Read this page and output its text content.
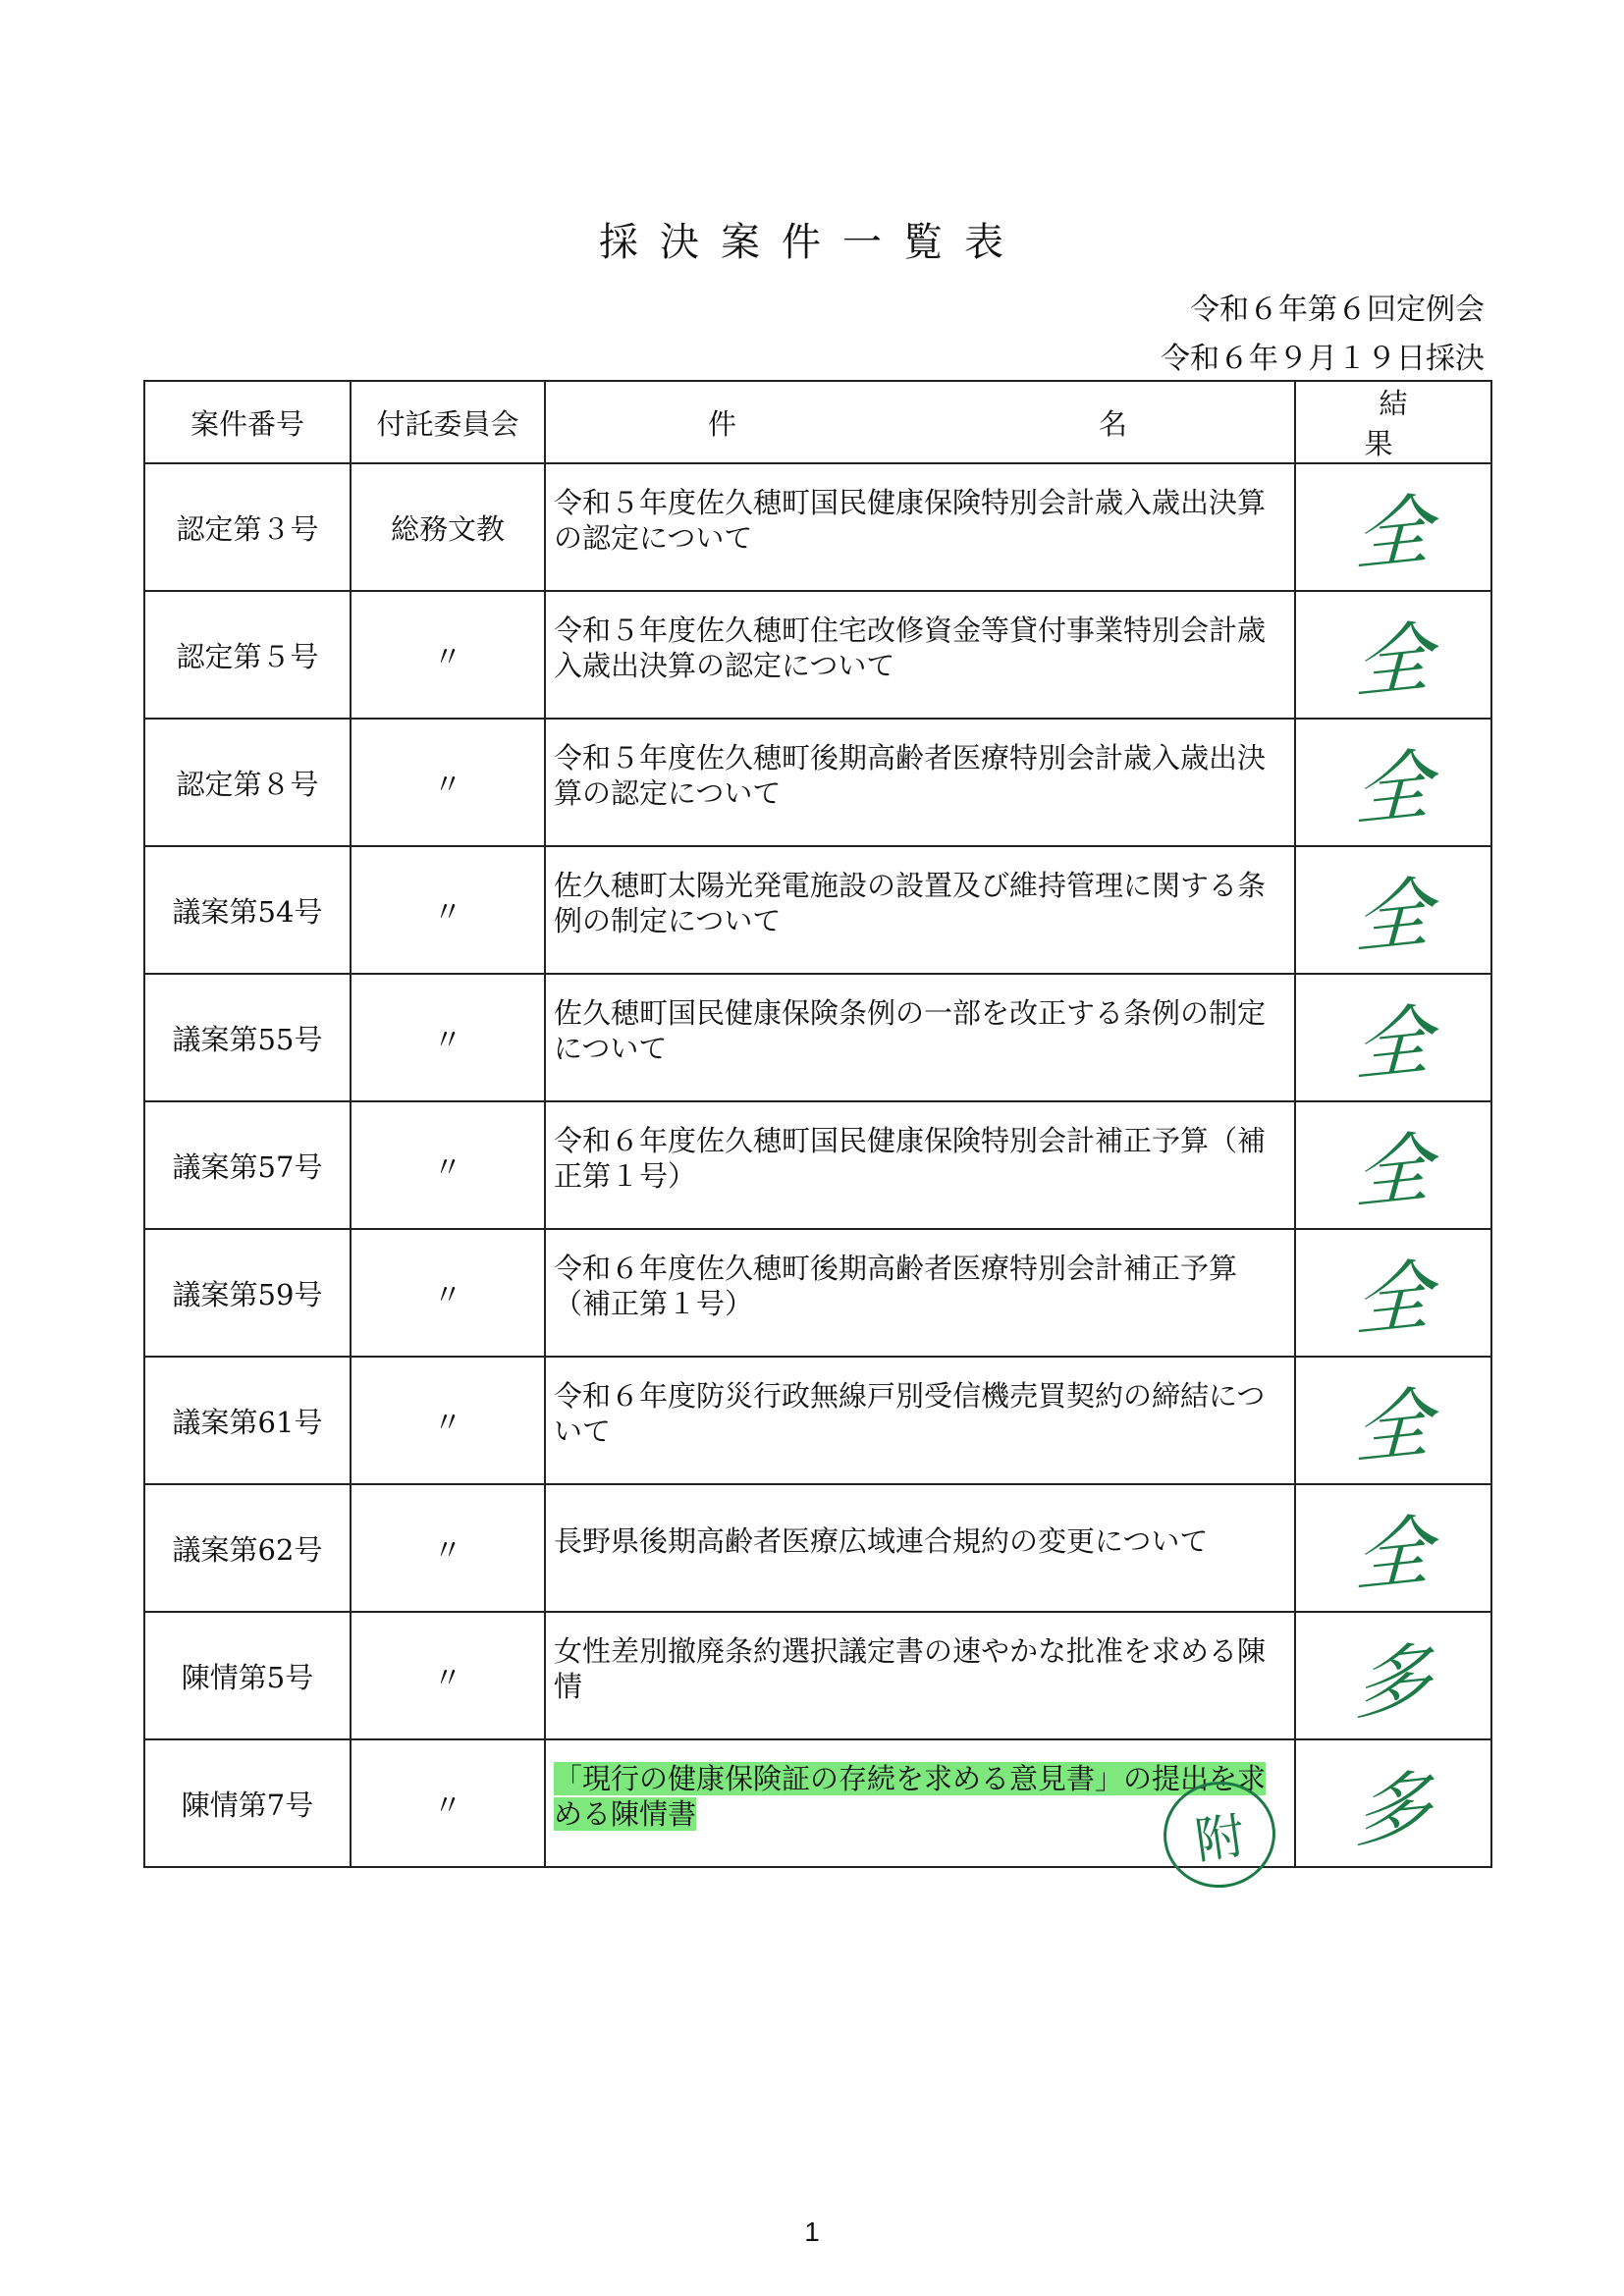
採決案件一覧表
令和６年第６回定例会
令和６年９月１９日採決
案件番号	付託委員会	件 名	結　果
認定第３号	総務文教	令和５年度佐久穂町国民健康保険特別会計歳入歳出決算の認定について	全
認定第５号	〃	令和５年度佐久穂町住宅改修資金等貸付事業特別会計歳入歳出決算の認定について	全
認定第８号	〃	令和５年度佐久穂町後期高齢者医療特別会計歳入歳出決算の認定について	全
議案第54号	〃	佐久穂町太陽光発電施設の設置及び維持管理に関する条例の制定について	全
議案第55号	〃	佐久穂町国民健康保険条例の一部を改正する条例の制定について	全
議案第57号	〃	令和６年度佐久穂町国民健康保険特別会計補正予算（補正第１号）	全
議案第59号	〃	令和６年度佐久穂町後期高齢者医療特別会計補正予算（補正第１号）	全
議案第61号	〃	令和６年度防災行政無線戸別受信機売買契約の締結について	全
議案第62号	〃	長野県後期高齢者医療広域連合規約の変更について	全
陳情第5号	〃	女性差別撤廃条約選択議定書の速やかな批准を求める陳情	多
陳情第7号	〃	「現行の健康保険証の存続を求める意見書」の提出を求める陳情書	多
附
1
